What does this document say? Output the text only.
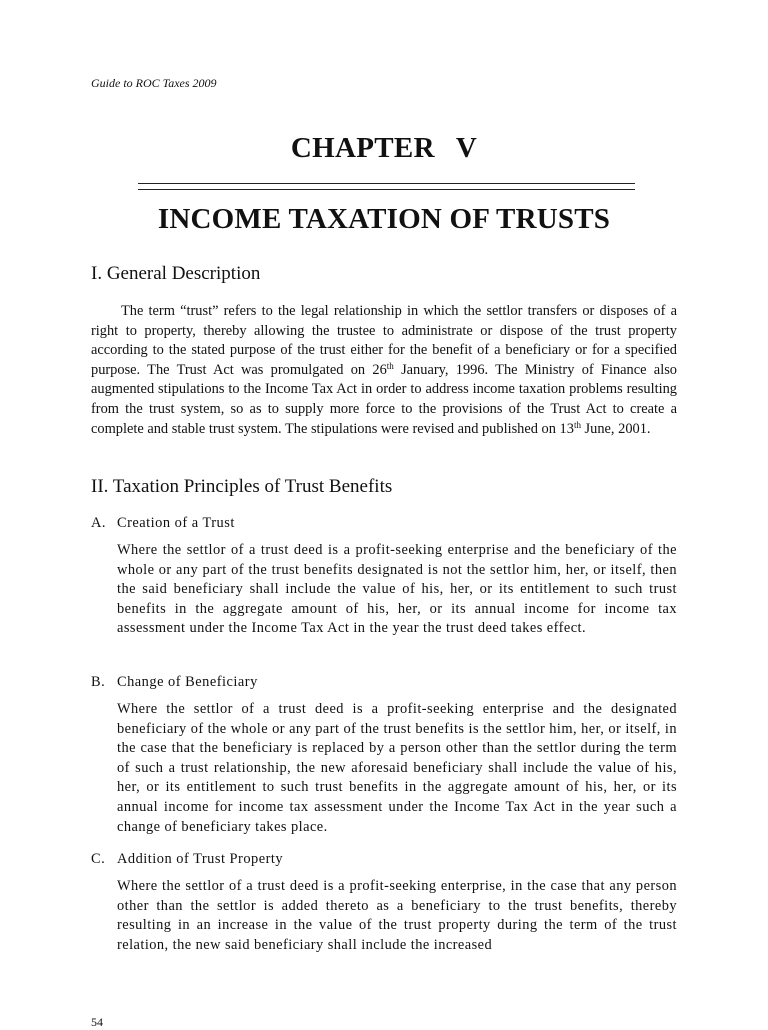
Guide to ROC Taxes 2009
CHAPTER V
INCOME TAXATION OF TRUSTS
I. General Description
The term “trust” refers to the legal relationship in which the settlor transfers or disposes of a right to property, thereby allowing the trustee to administrate or dispose of the trust property according to the stated purpose of the trust either for the benefit of a beneficiary or for a specified purpose. The Trust Act was promulgated on 26th January, 1996. The Ministry of Finance also augmented stipulations to the Income Tax Act in order to address income taxation problems resulting from the trust system, so as to supply more force to the provisions of the Trust Act to create a complete and stable trust system. The stipulations were revised and published on 13th June, 2001.
II. Taxation Principles of Trust Benefits
A. Creation of a Trust
Where the settlor of a trust deed is a profit-seeking enterprise and the beneficiary of the whole or any part of the trust benefits designated is not the settlor him, her, or itself, then the said beneficiary shall include the value of his, her, or its entitlement to such trust benefits in the aggregate amount of his, her, or its annual income for income tax assessment under the Income Tax Act in the year the trust deed takes effect.
B. Change of Beneficiary
Where the settlor of a trust deed is a profit-seeking enterprise and the designated beneficiary of the whole or any part of the trust benefits is the settlor him, her, or itself, in the case that the beneficiary is replaced by a person other than the settlor during the term of such a trust relationship, the new aforesaid beneficiary shall include the value of his, her, or its entitlement to such trust benefits in the aggregate amount of his, her, or its annual income for income tax assessment under the Income Tax Act in the year such a change of beneficiary takes place.
C. Addition of Trust Property
Where the settlor of a trust deed is a profit-seeking enterprise, in the case that any person other than the settlor is added thereto as a beneficiary to the trust benefits, thereby resulting in an increase in the value of the trust property during the term of the trust relation, the new said beneficiary shall include the increased
54
